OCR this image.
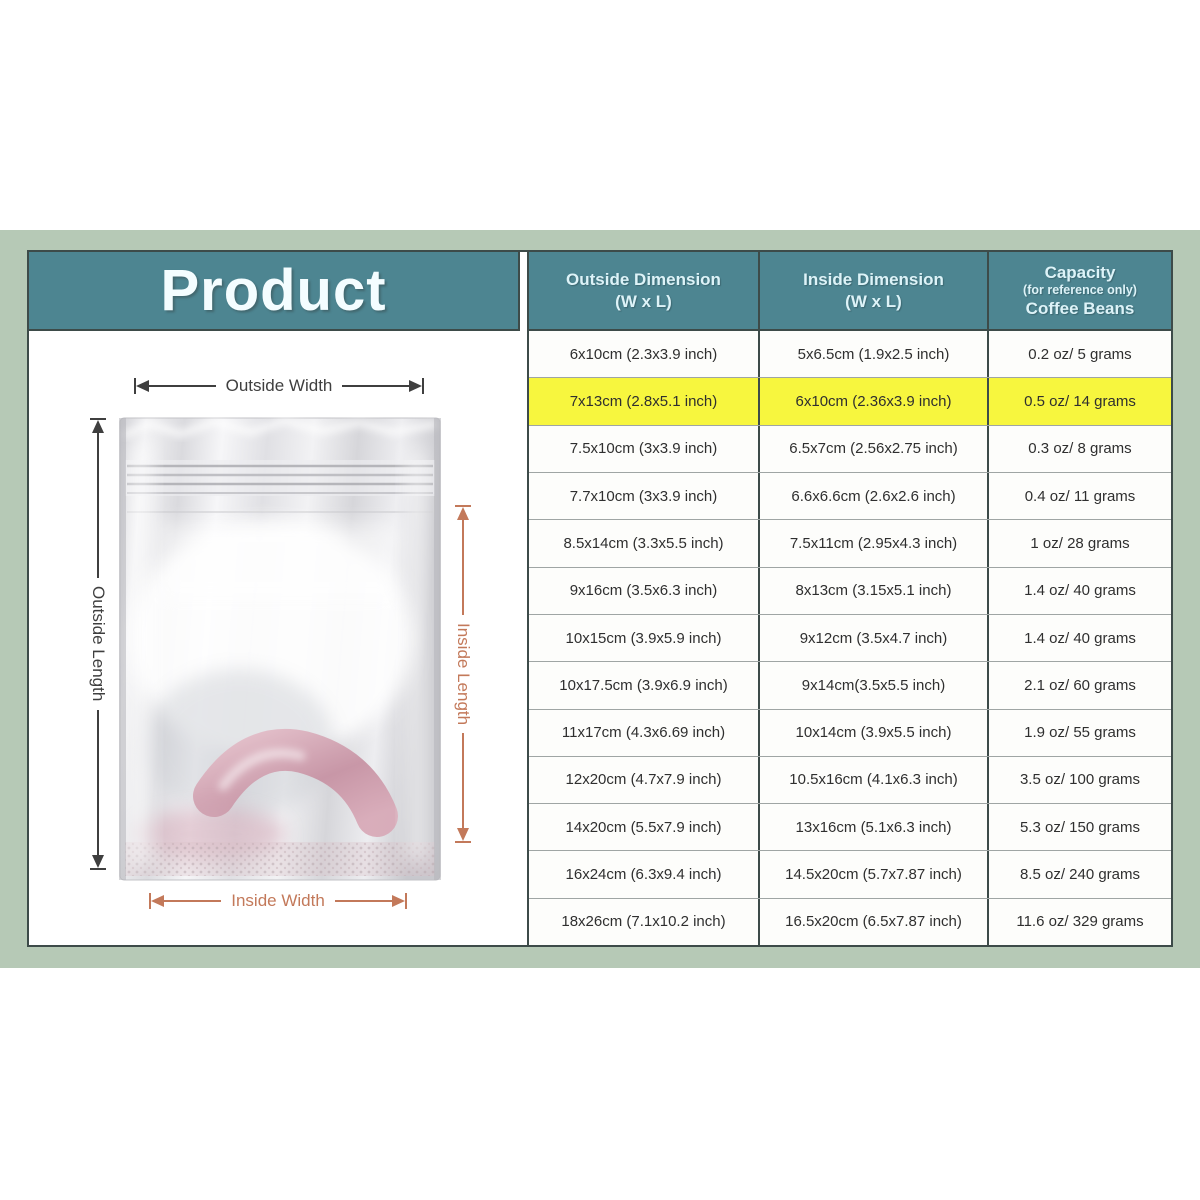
Product
Outside Width
Outside Length	Inside Length
Inside Width
Outside Dimension
(W x L)
Inside Dimension
(W x L)
Capacity
(for reference only)
Coffee Beans
6x10cm (2.3x3.9 inch)	5x6.5cm (1.9x2.5 inch)	0.2 oz/ 5 grams
7x13cm (2.8x5.1 inch)	6x10cm (2.36x3.9 inch)	0.5 oz/ 14 grams
7.5x10cm (3x3.9 inch)	6.5x7cm (2.56x2.75 inch)	0.3 oz/ 8 grams
7.7x10cm (3x3.9 inch)	6.6x6.6cm (2.6x2.6 inch)	0.4 oz/ 11 grams
8.5x14cm (3.3x5.5 inch)	7.5x11cm (2.95x4.3 inch)	1 oz/ 28 grams
9x16cm (3.5x6.3 inch)	8x13cm (3.15x5.1 inch)	1.4 oz/ 40 grams
10x15cm (3.9x5.9 inch)	9x12cm (3.5x4.7 inch)	1.4 oz/ 40 grams
10x17.5cm (3.9x6.9 inch)	9x14cm(3.5x5.5 inch)	2.1 oz/ 60 grams
11x17cm (4.3x6.69 inch)	10x14cm (3.9x5.5 inch)	1.9 oz/ 55 grams
12x20cm (4.7x7.9 inch)	10.5x16cm (4.1x6.3 inch)	3.5 oz/ 100 grams
14x20cm (5.5x7.9 inch)	13x16cm (5.1x6.3 inch)	5.3 oz/ 150 grams
16x24cm (6.3x9.4 inch)	14.5x20cm (5.7x7.87 inch)	8.5 oz/ 240 grams
18x26cm (7.1x10.2 inch)	16.5x20cm (6.5x7.87 inch)	11.6 oz/ 329 grams
